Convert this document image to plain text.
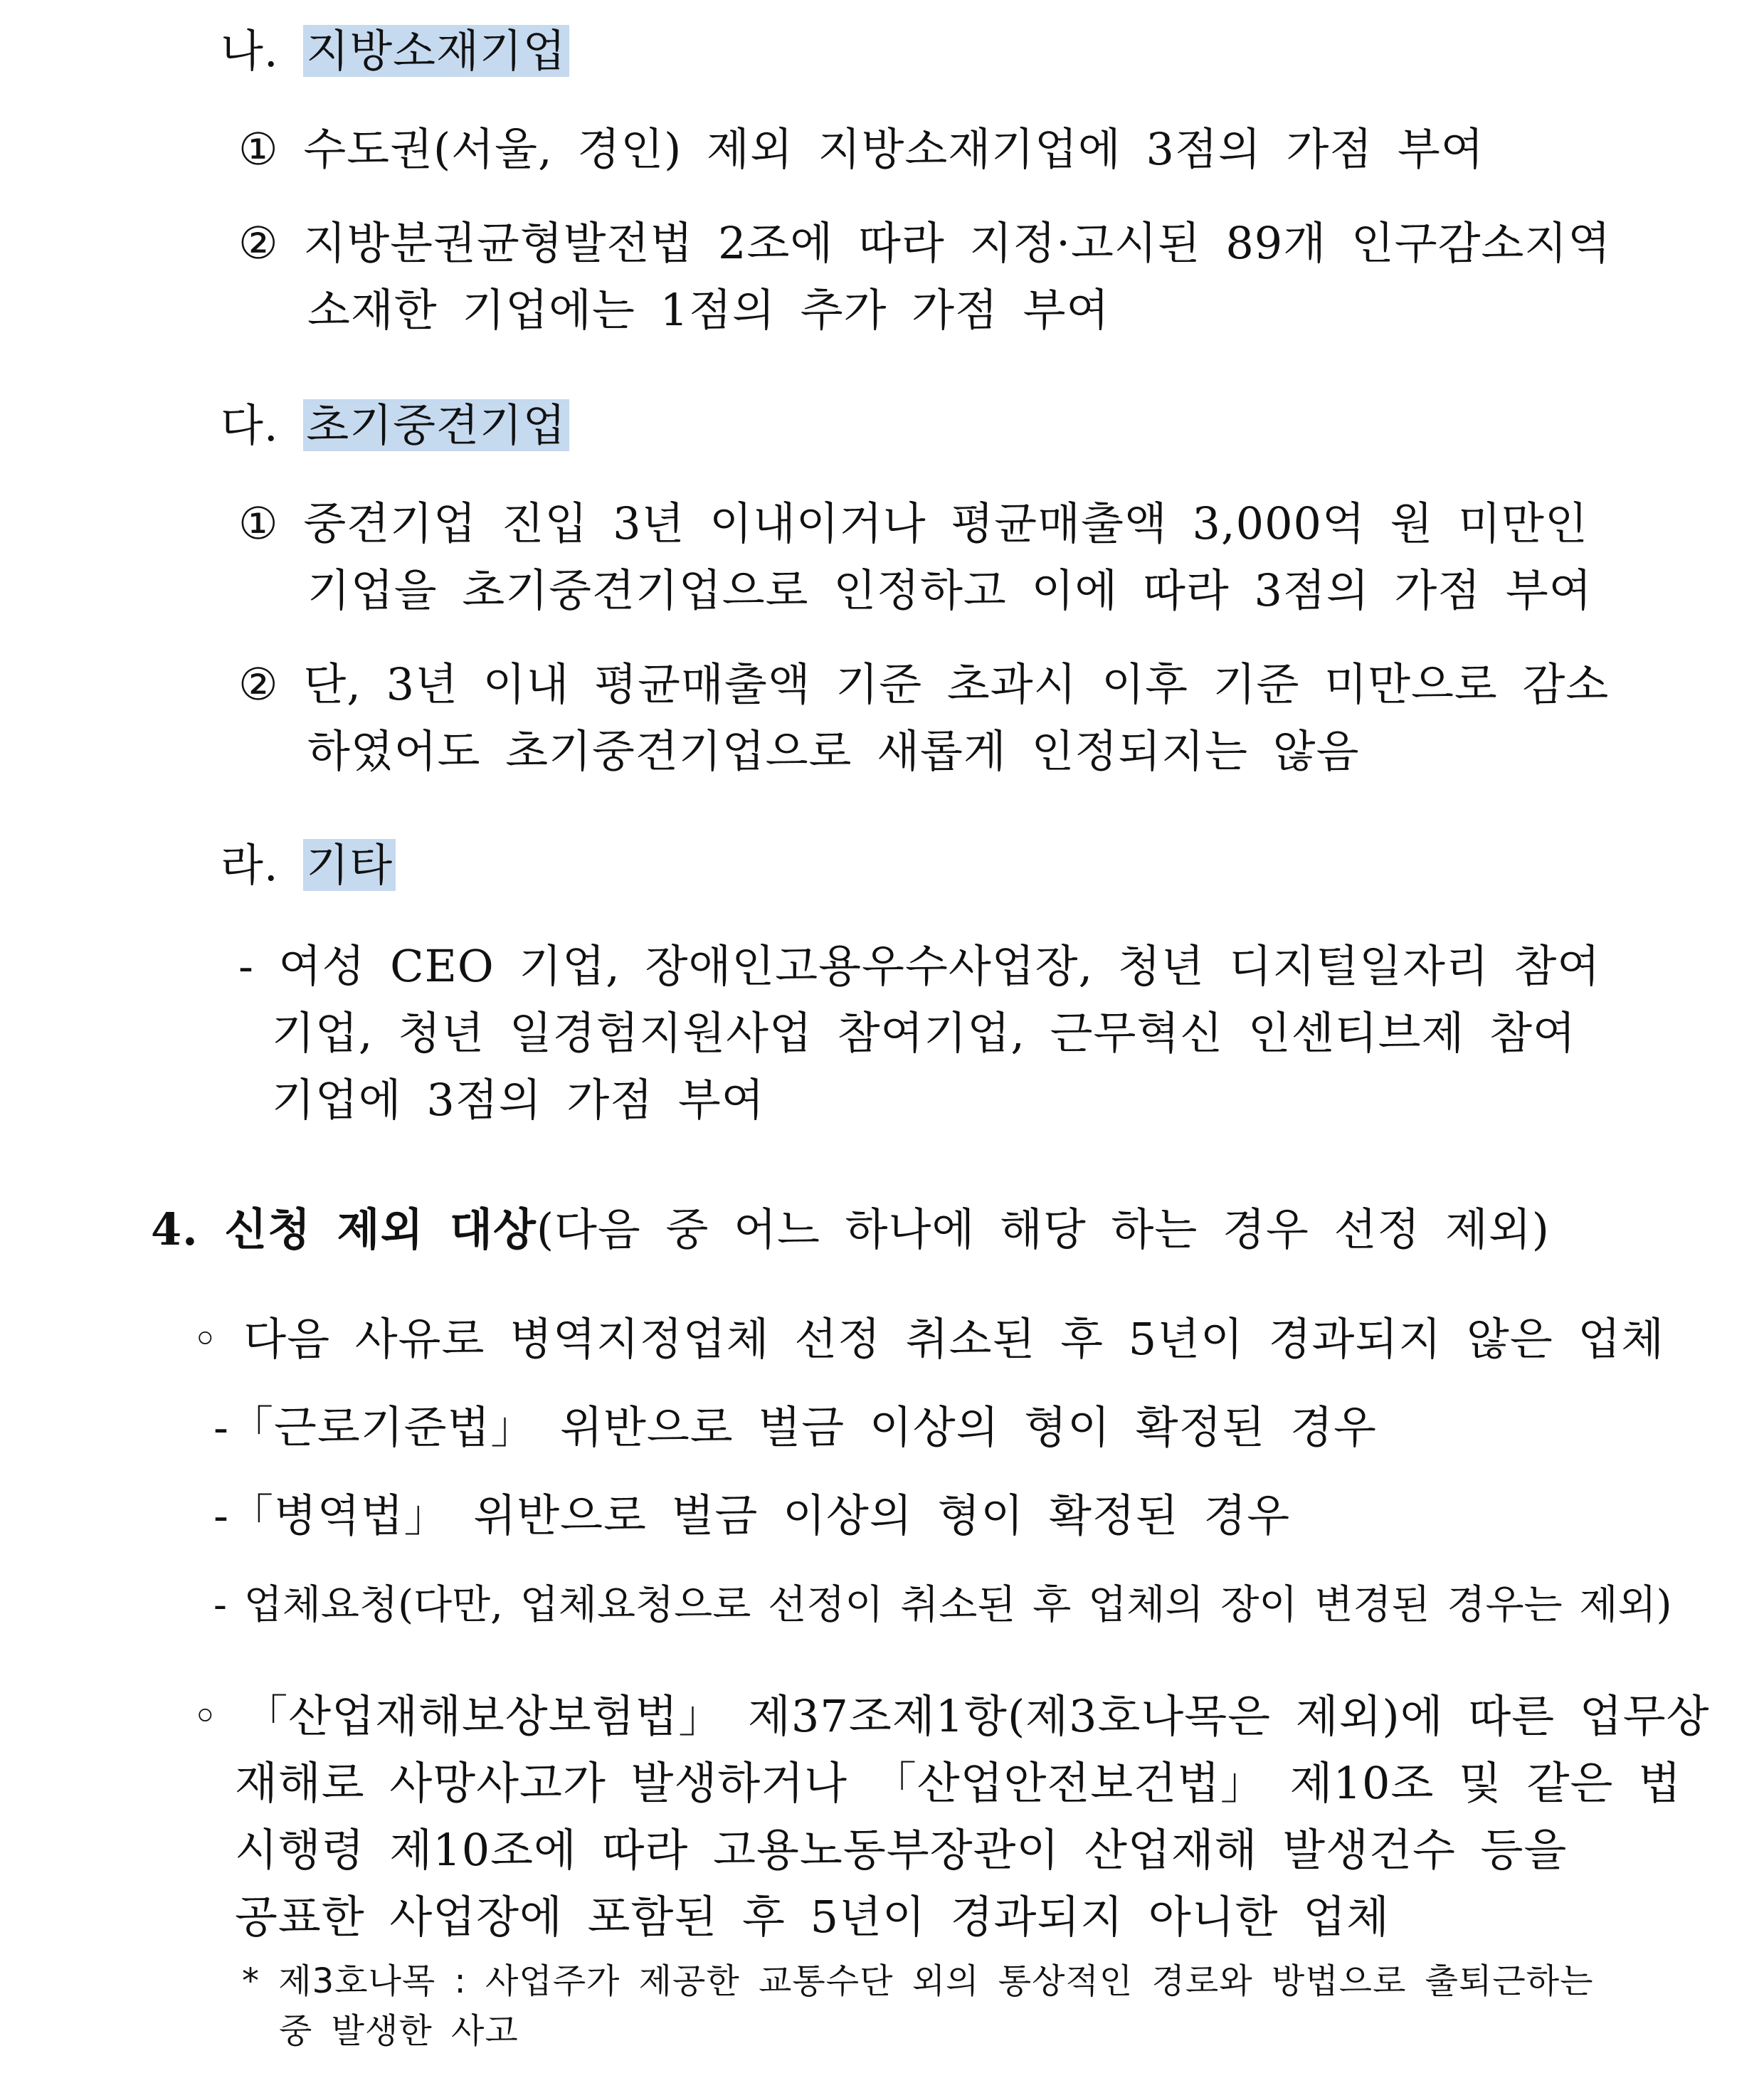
나. 지방소재기업
① 수도권(서울, 경인) 제외 지방소재기업에 3점의 가점 부여
② 지방분권균형발전법 2조에 따라 지정·고시된 89개 인구감소지역
소재한 기업에는 1점의 추가 가점 부여
다. 초기중견기업
① 중견기업 진입 3년 이내이거나 평균매출액 3,000억 원 미만인
기업을 초기중견기업으로 인정하고 이에 따라 3점의 가점 부여
② 단, 3년 이내 평균매출액 기준 초과시 이후 기준 미만으로 감소
하였어도 초기중견기업으로 새롭게 인정되지는 않음
라. 기타
- 여성 CEO 기업, 장애인고용우수사업장, 청년 디지털일자리 참여
기업, 청년 일경험지원사업 참여기업, 근무혁신 인센티브제 참여
기업에 3점의 가점 부여
4. 신청 제외 대상(다음 중 어느 하나에 해당 하는 경우 선정 제외)
◦ 다음 사유로 병역지정업체 선정 취소된 후 5년이 경과되지 않은 업체
-「근로기준법」 위반으로 벌금 이상의 형이 확정된 경우
-「병역법」 위반으로 벌금 이상의 형이 확정된 경우
- 업체요청(다만, 업체요청으로 선정이 취소된 후 업체의 장이 변경된 경우는 제외)
◦ 「산업재해보상보험법」 제37조제1항(제3호나목은 제외)에 따른 업무상
재해로 사망사고가 발생하거나 「산업안전보건법」 제10조 및 같은 법
시행령 제10조에 따라 고용노동부장관이 산업재해 발생건수 등을
공표한 사업장에 포함된 후 5년이 경과되지 아니한 업체
* 제3호나목 : 사업주가 제공한 교통수단 외의 통상적인 경로와 방법으로 출퇴근하는
중 발생한 사고
